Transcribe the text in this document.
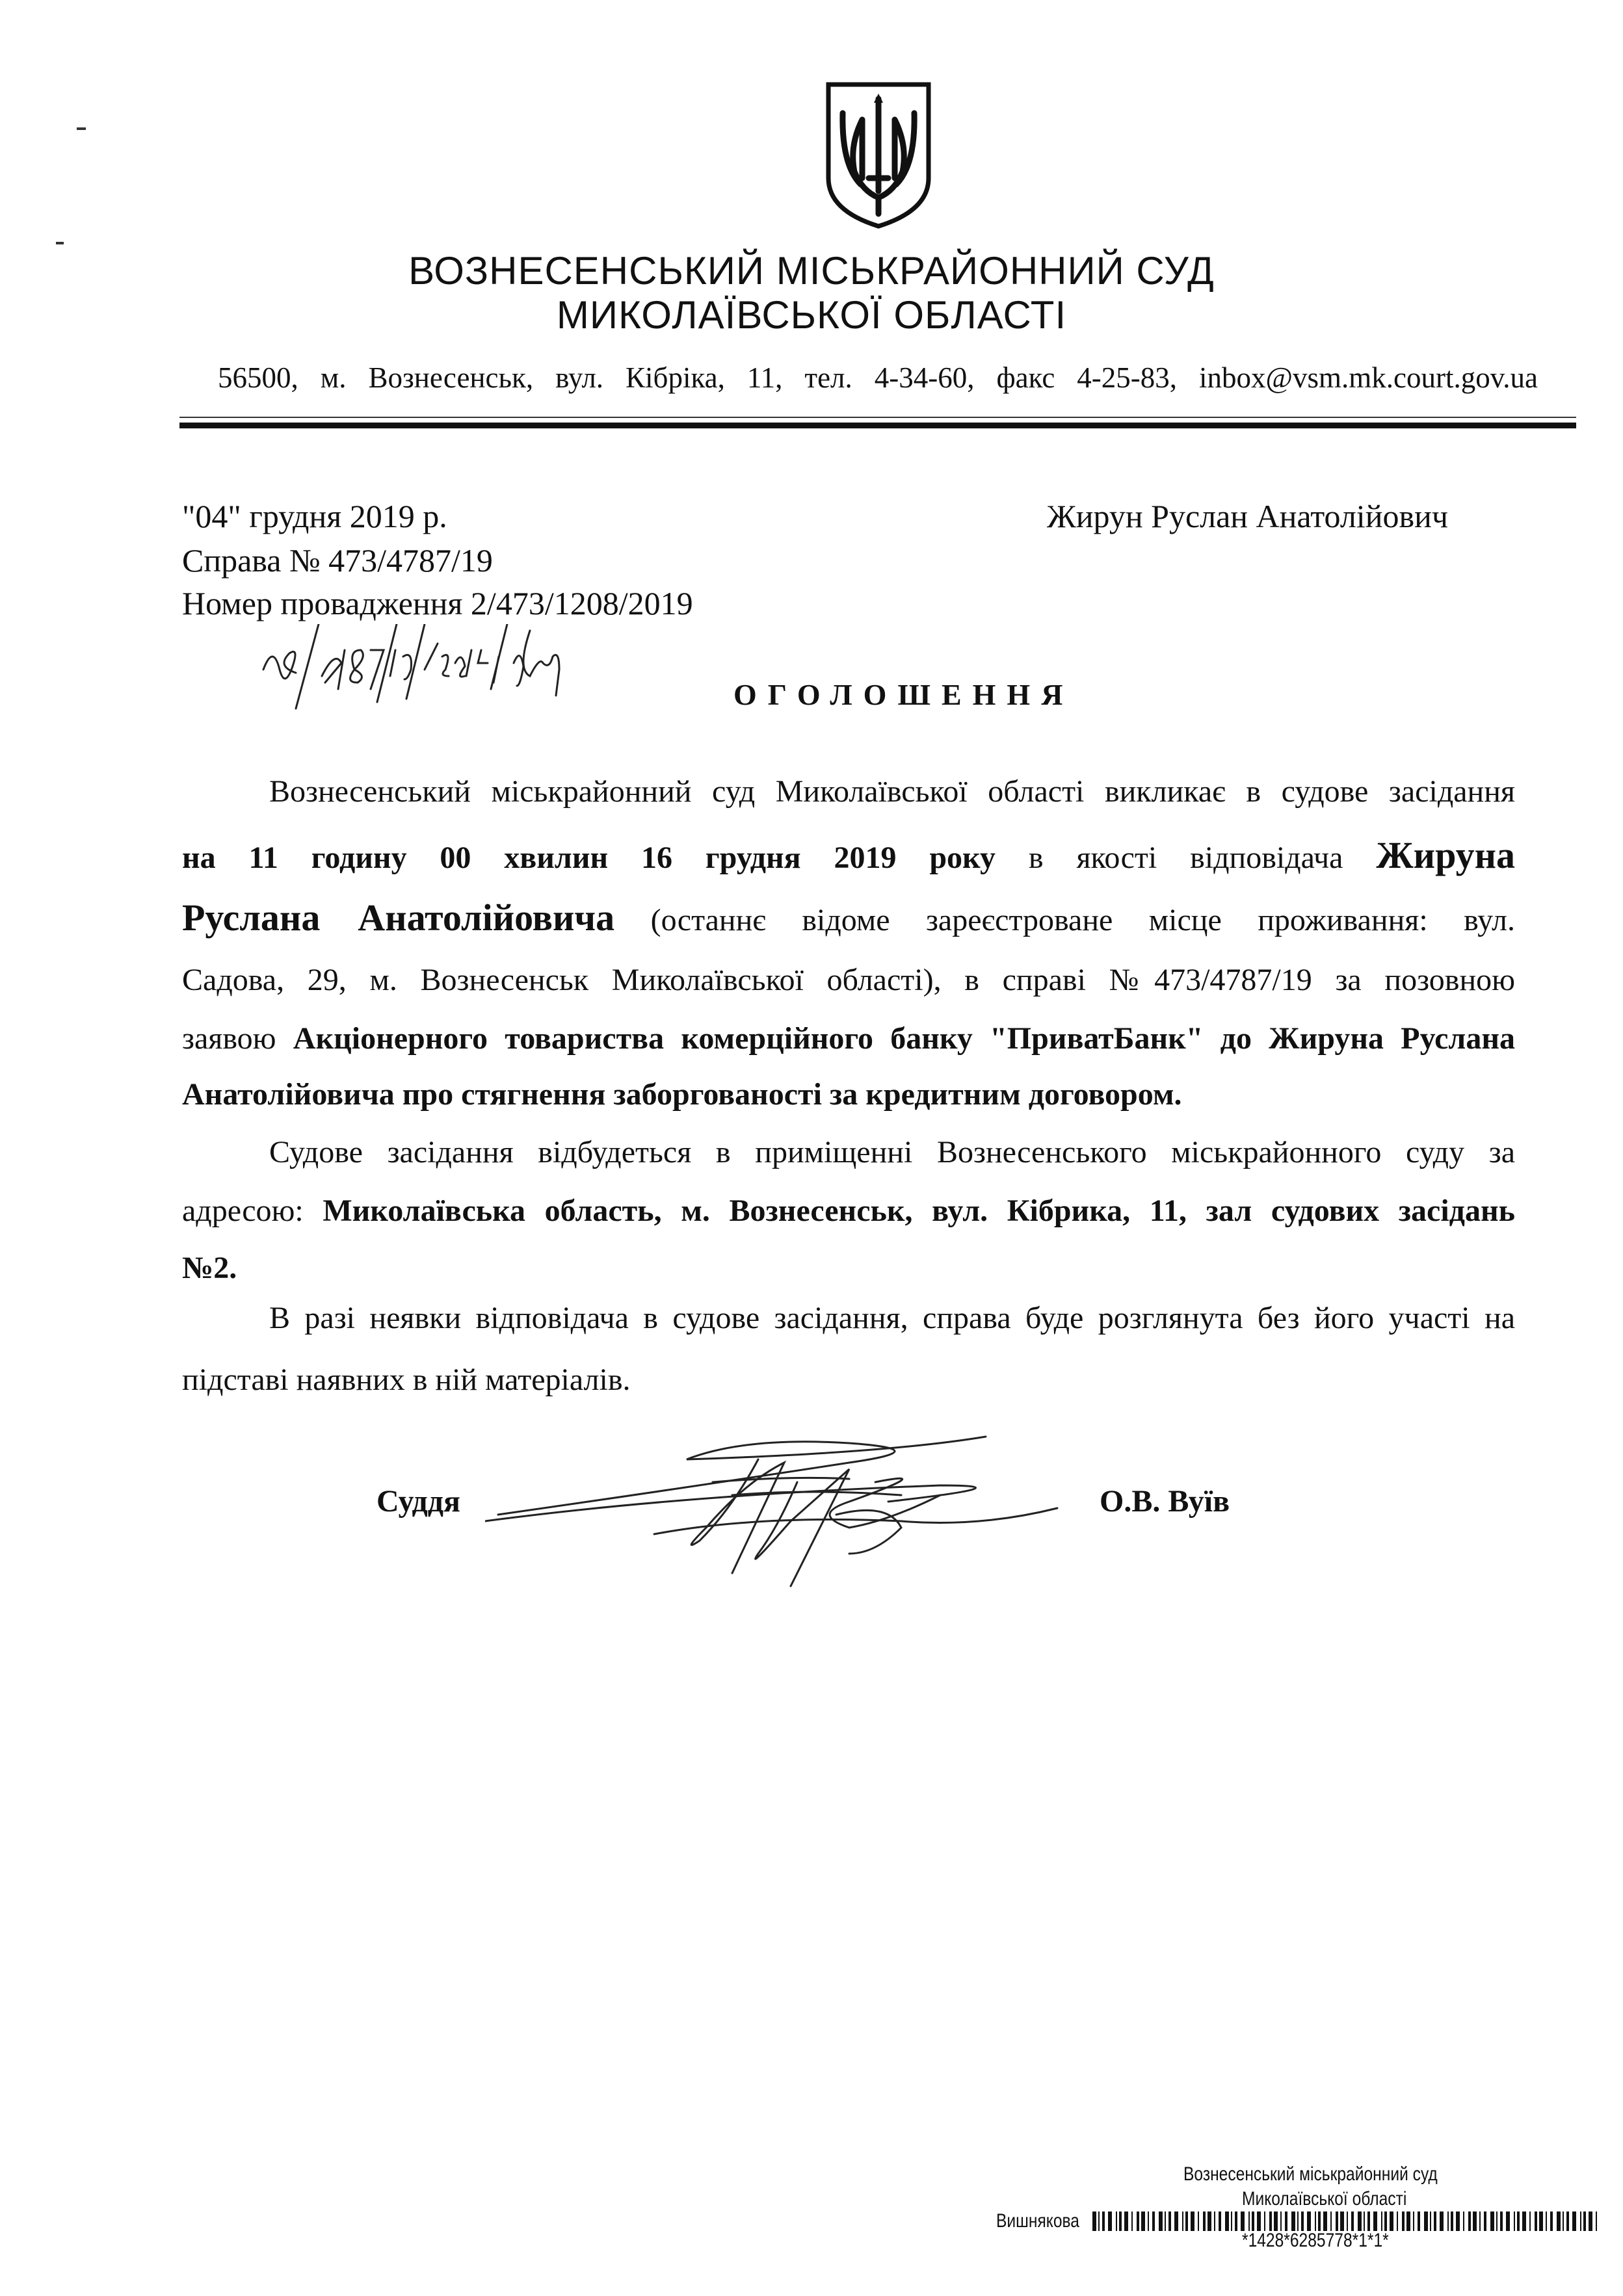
ВОЗНЕСЕНСЬКИЙ МІСЬКРАЙОННИЙ СУД
МИКОЛАЇВСЬКОЇ ОБЛАСТІ
56500, м. Вознесенськ, вул. Кібріка, 11, тел. 4-34-60, факс 4-25-83, inbox@vsm.mk.court.gov.ua
"04" грудня 2019 р.
Справа № 473/4787/19
Номер провадження 2/473/1208/2019
Жирун Руслан Анатолійович
ОГОЛОШЕННЯ
Вознесенський міськрайонний суд Миколаївської області викликає в судове засідання
на 11 годину 00 хвилин 16 грудня 2019 року в якості відповідача Жируна
Руслана Анатолійовича (останнє відоме зареєстроване місце проживання: вул.
Садова, 29, м. Вознесенськ Миколаївської області), в справі №473/4787/19 за позовною
заявою Акціонерного товариства комерційного банку "ПриватБанк" до Жируна Руслана
Анатолійовича про стягнення заборгованості за кредитним договором.
Судове засідання відбудеться в приміщенні Вознесенського міськрайонного суду за
адресою: Миколаївська область, м. Вознесенськ, вул. Кібрика, 11, зал судових засідань
№2.
В разі неявки відповідача в судове засідання, справа буде розглянута без його участі на
підставі наявних в ній матеріалів.
Суддя	О.В. Вуїв
Вознесенський міськрайонний суд
Миколаївської області
Вишнякова
*1428*6285778*1*1*
